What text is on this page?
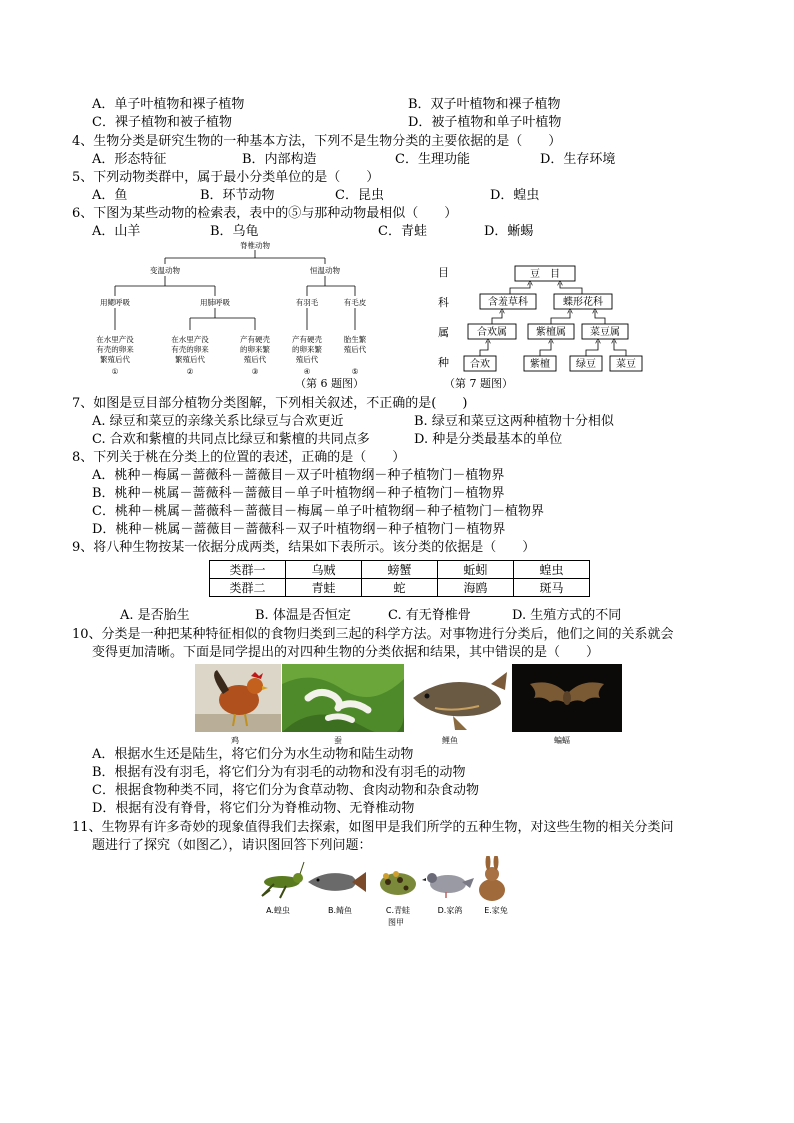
A．单子叶植物和裸子植物	B．双子叶植物和裸子植物
C．裸子植物和被子植物	D．被子植物和单子叶植物
4、生物分类是研究生物的一种基本方法，下列不是生物分类的主要依据的是（　　）
A．形态特征	B．内部构造	C．生理功能	D．生存环境
5、下列动物类群中，属于最小分类单位的是（　　）
A．鱼	B．环节动物	C．昆虫	D．蝗虫
6、下图为某些动物的检索表，表中的⑤与那种动物最相似（　　）
A．山羊	B．乌龟	C．青蛙	D．蜥蜴
脊椎动物
变温动物	恒温动物
用鳃呼吸	用肺呼吸	有羽毛	有毛皮
在水里产没
有壳的卵来
繁殖后代
在水里产没
有壳的卵来
繁殖后代
产有硬壳
的卵来繁
殖后代
产有硬壳
的卵来繁
殖后代
胎生繁
殖后代
①	②	③	④	⑤
（第 6 题图）
目
科
属
种
豆　目
含羞草科	蝶形花科
合欢属	紫檀属 菜豆属
合欢	紫檀	绿豆 菜豆
（第 7 题图）
7、如图是豆目部分植物分类图解，下列相关叙述，不正确的是(　　)
A. 绿豆和菜豆的亲缘关系比绿豆与合欢更近	B. 绿豆和菜豆这两种植物十分相似
C. 合欢和紫檀的共同点比绿豆和紫檀的共同点多	D. 种是分类最基本的单位
8、下列关于桃在分类上的位置的表述，正确的是（　　）
A．桃种－梅属－蔷薇科－蔷薇目－双子叶植物纲－种子植物门－植物界
B．桃种－桃属－蔷薇科－蔷薇目－单子叶植物纲－种子植物门－植物界
C．桃种－桃属－蔷薇科－蔷薇目－梅属－单子叶植物纲－种子植物门－植物界
D．桃种－桃属－蔷薇目－蔷薇科－双子叶植物纲－种子植物门－植物界
9、将八种生物按某一依据分成两类，结果如下表所示。该分类的依据是（　　）
类群一	乌贼	螃蟹	蚯蚓	蝗虫
类群二	青蛙	蛇	海鸥	斑马
A. 是否胎生	B. 体温是否恒定	C. 有无脊椎骨	D. 生殖方式的不同
10、分类是一种把某种特征相似的食物归类到三起的科学方法。对事物进行分类后，他们之间的关系就会
变得更加清晰。下面是同学提出的对四种生物的分类依据和结果，其中错误的是（　　）
鸡	蚕	鲤鱼	蝙蝠
A．根据水生还是陆生，将它们分为水生动物和陆生动物
B．根据有没有羽毛，将它们分为有羽毛的动物和没有羽毛的动物
C．根据食物种类不同，将它们分为食草动物、食肉动物和杂食动物
D．根据有没有脊骨，将它们分为脊椎动物、无脊椎动物
11、生物界有许多奇妙的现象值得我们去探索，如图甲是我们所学的五种生物，对这些生物的相关分类问
题进行了探究（如图乙），请识图回答下列问题：
A.蝗虫	B.鲭鱼	C.青蛙	D.家鸽	E.家兔
图甲
